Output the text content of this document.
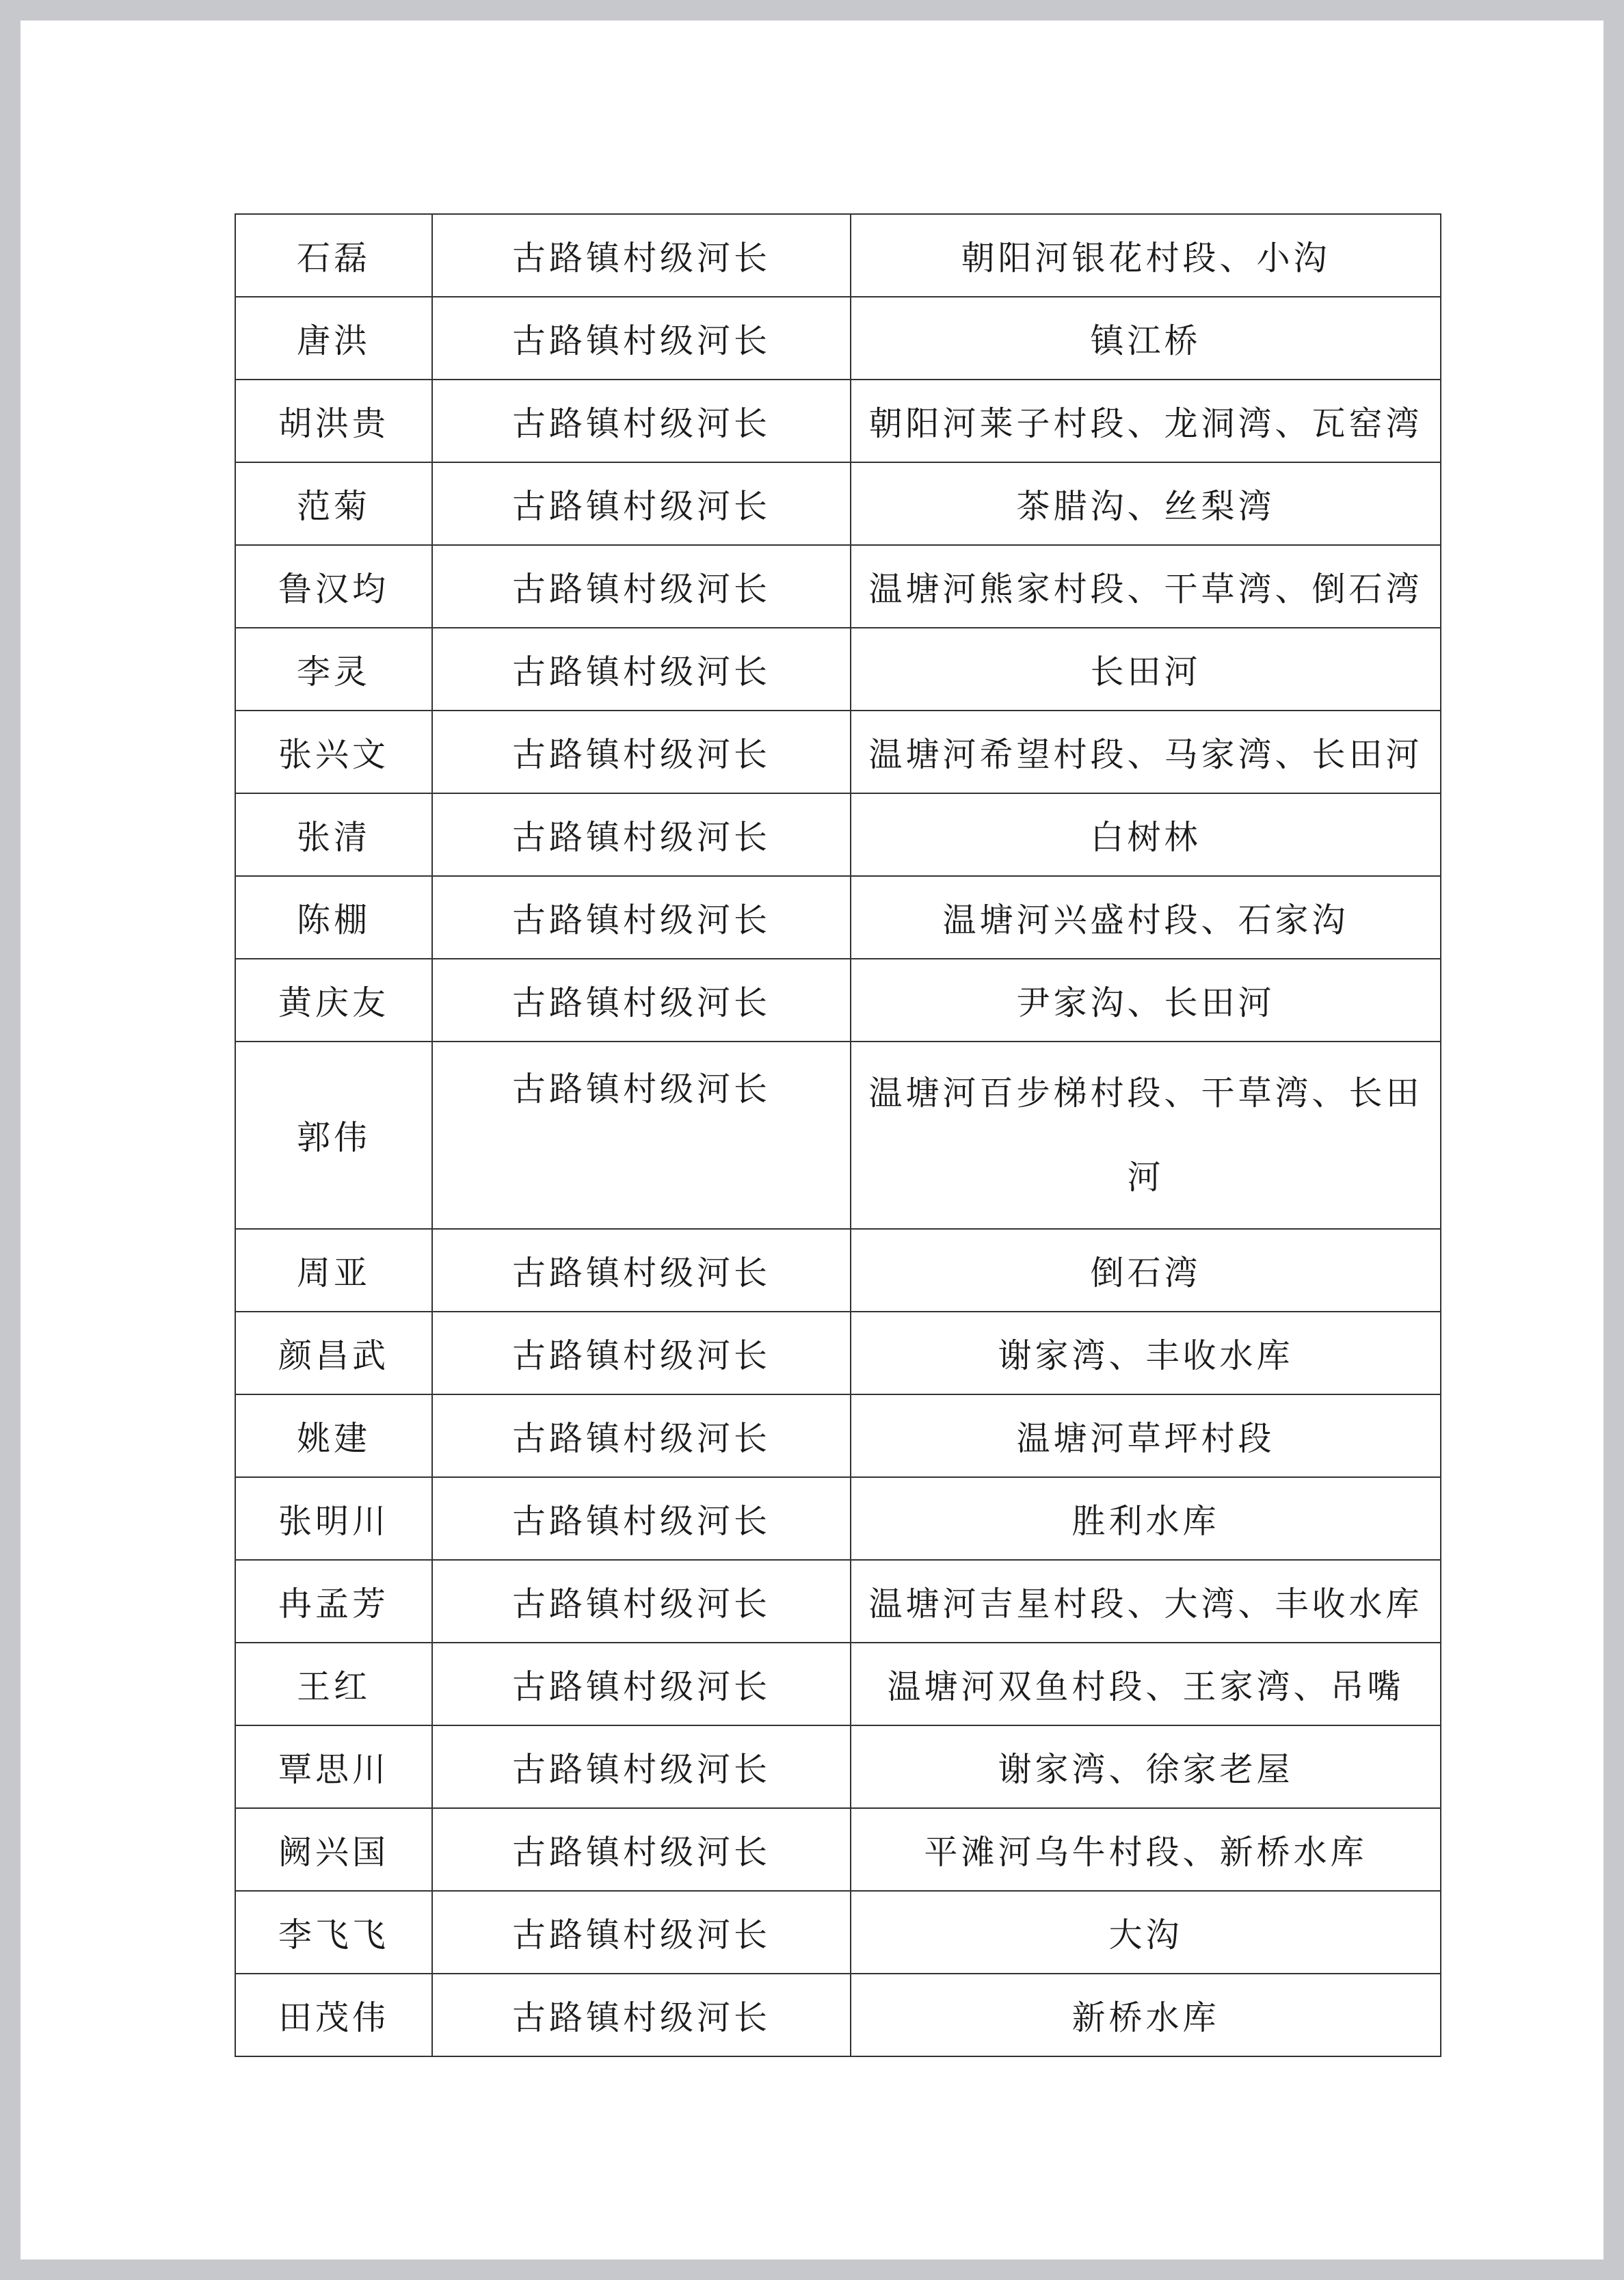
石磊	古路镇村级河长	朝阳河银花村段、小沟
唐洪	古路镇村级河长	镇江桥
胡洪贵	古路镇村级河长	朝阳河莱子村段、龙洞湾、瓦窑湾
范菊	古路镇村级河长	茶腊沟、丝梨湾
鲁汉均	古路镇村级河长	温塘河熊家村段、干草湾、倒石湾
李灵	古路镇村级河长	长田河
张兴文	古路镇村级河长	温塘河希望村段、马家湾、长田河
张清	古路镇村级河长	白树林
陈棚	古路镇村级河长	温塘河兴盛村段、石家沟
黄庆友	古路镇村级河长	尹家沟、长田河
郭伟	古路镇村级河长	温塘河百步梯村段、干草湾、长田河
周亚	古路镇村级河长	倒石湾
颜昌武	古路镇村级河长	谢家湾、丰收水库
姚建	古路镇村级河长	温塘河草坪村段
张明川	古路镇村级河长	胜利水库
冉孟芳	古路镇村级河长	温塘河吉星村段、大湾、丰收水库
王红	古路镇村级河长	温塘河双鱼村段、王家湾、吊嘴
覃思川	古路镇村级河长	谢家湾、徐家老屋
阙兴国	古路镇村级河长	平滩河乌牛村段、新桥水库
李飞飞	古路镇村级河长	大沟
田茂伟	古路镇村级河长	新桥水库
